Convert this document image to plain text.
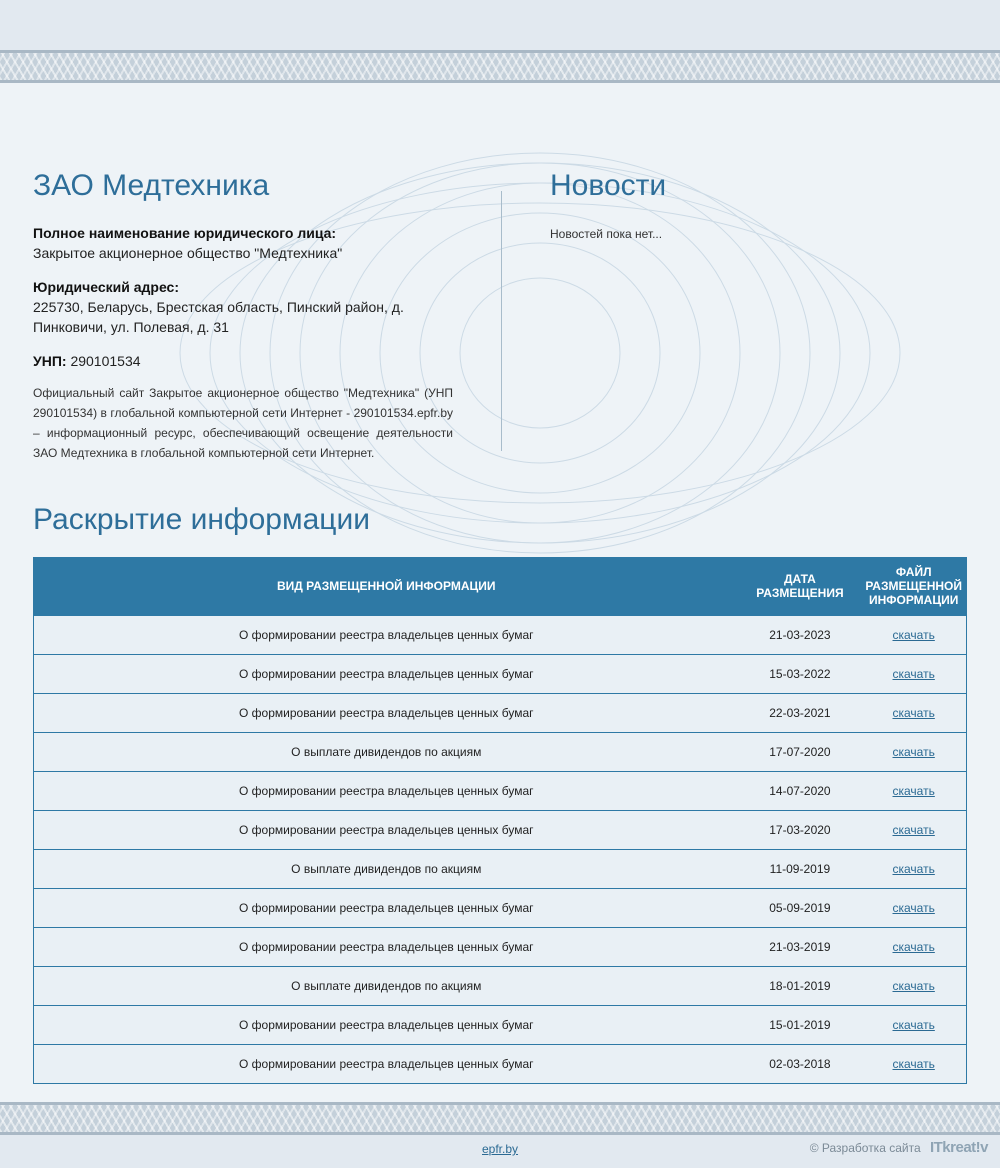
ЗАО Медтехника
Полное наименование юридического лица:
Закрытое акционерное общество "Медтехника"
Юридический адрес:
225730, Беларусь, Брестская область, Пинский район, д. Пинковичи, ул. Полевая, д. 31
УНП: 290101534
Официальный сайт Закрытое акционерное общество "Медтехника" (УНП 290101534) в глобальной компьютерной сети Интернет - 290101534.epfr.by – информационный ресурс, обеспечивающий освещение деятельности ЗАО Медтехника в глобальной компьютерной сети Интернет.
Новости
Новостей пока нет...
Раскрытие информации
ВИД РАЗМЕЩЕННОЙ ИНФОРМАЦИИ	ДАТА РАЗМЕЩЕНИЯ	ФАЙЛ РАЗМЕЩЕННОЙ ИНФОРМАЦИИ
О формировании реестра владельцев ценных бумаг	21-03-2023	скачать
О формировании реестра владельцев ценных бумаг	15-03-2022	скачать
О формировании реестра владельцев ценных бумаг	22-03-2021	скачать
О выплате дивидендов по акциям	17-07-2020	скачать
О формировании реестра владельцев ценных бумаг	14-07-2020	скачать
О формировании реестра владельцев ценных бумаг	17-03-2020	скачать
О выплате дивидендов по акциям	11-09-2019	скачать
О формировании реестра владельцев ценных бумаг	05-09-2019	скачать
О формировании реестра владельцев ценных бумаг	21-03-2019	скачать
О выплате дивидендов по акциям	18-01-2019	скачать
О формировании реестра владельцев ценных бумаг	15-01-2019	скачать
О формировании реестра владельцев ценных бумаг	02-03-2018	скачать
epfr.by	© Разработка сайта ITkreat!v
